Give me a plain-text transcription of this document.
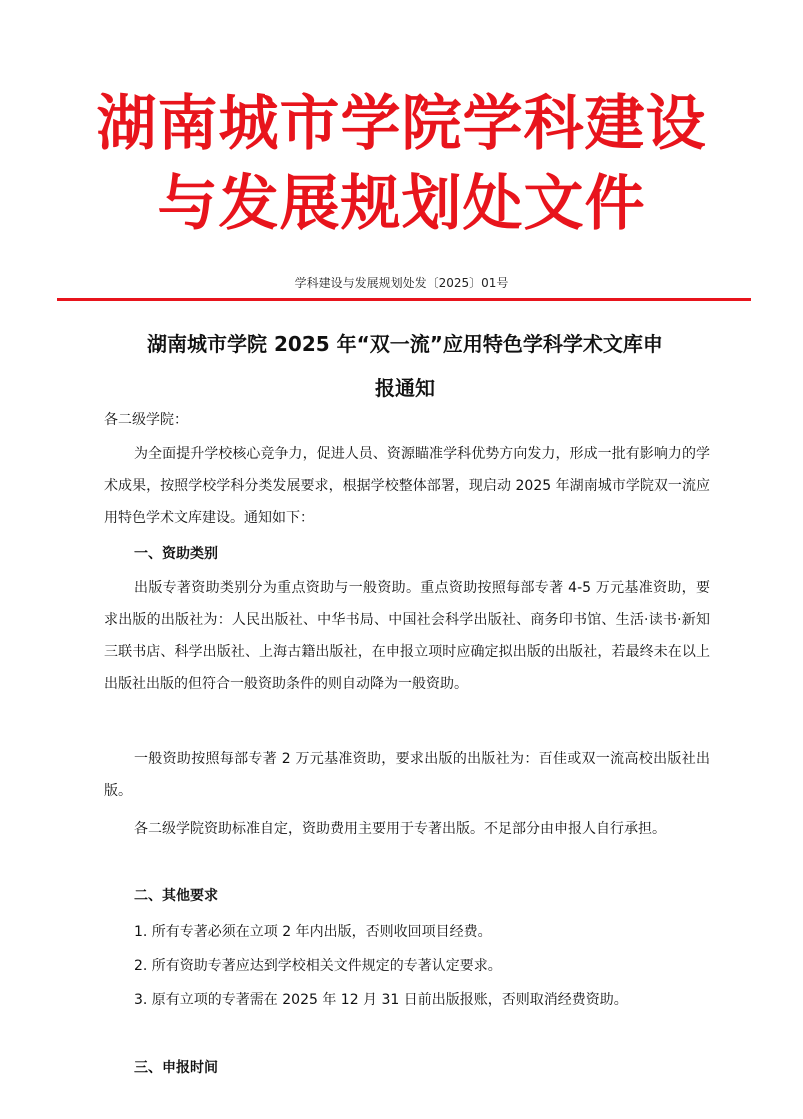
湖南城市学院学科建设
与发展规划处文件
学科建设与发展规划处发〔2025〕01号
湖南城市学院 2025 年“双一流”应用特色学科学术文库申
报通知
各二级学院：
为全面提升学校核心竞争力，促进人员、资源瞄准学科优势方向发力，形成一批有影响力的学术成果，按照学校学科分类发展要求，根据学校整体部署，现启动 2025 年湖南城市学院双一流应用特色学术文库建设。通知如下：
一、资助类别
出版专著资助类别分为重点资助与一般资助。重点资助按照每部专著 4-5 万元基准资助，要求出版的出版社为：人民出版社、中华书局、中国社会科学出版社、商务印书馆、生活·读书·新知三联书店、科学出版社、上海古籍出版社，在申报立项时应确定拟出版的出版社，若最终未在以上出版社出版的但符合一般资助条件的则自动降为一般资助。
一般资助按照每部专著 2 万元基准资助，要求出版的出版社为：百佳或双一流高校出版社出版。
各二级学院资助标准自定，资助费用主要用于专著出版。不足部分由申报人自行承担。
二、其他要求
1. 所有专著必须在立项 2 年内出版，否则收回项目经费。
2. 所有资助专著应达到学校相关文件规定的专著认定要求。
3. 原有立项的专著需在 2025 年 12 月 31 日前出版报账，否则取消经费资助。
三、申报时间
